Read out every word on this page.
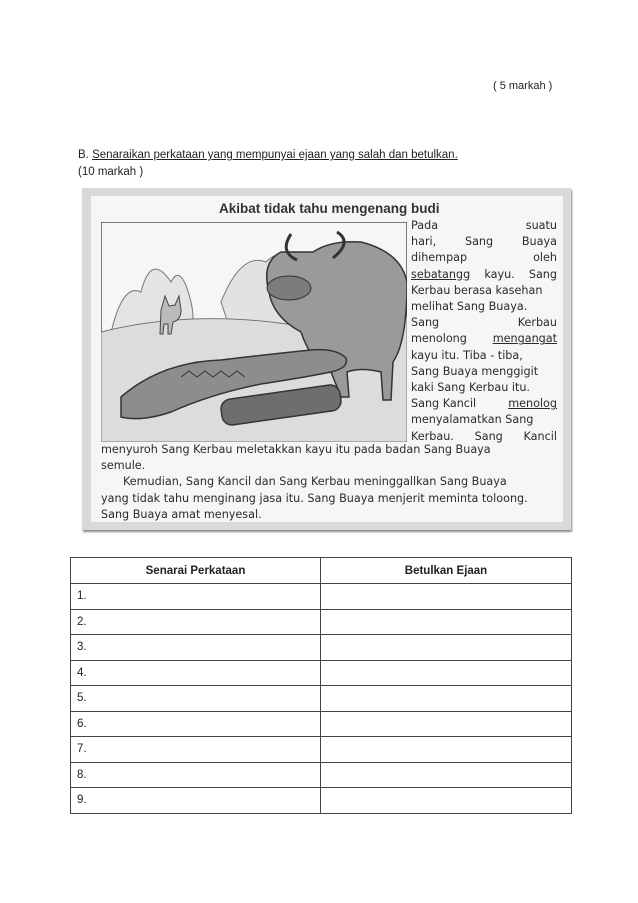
( 5 markah )
B. Senaraikan perkataan yang mempunyai ejaan yang salah dan betulkan.
(10 markah )
Akibat tidak tahu mengenang budi
Pada	suatu
hari,	Sang	Buaya
dihempap	oleh
sebatangg kayu. Sang
Kerbau berasa kasehan
melihat Sang Buaya.
Sang	Kerbau
menolong mengangat
kayu itu. Tiba - tiba,
Sang Buaya menggigit
kaki Sang Kerbau itu.
Sang Kancil	menolog
menyalamatkan Sang
Kerbau. Sang Kancil
menyuroh Sang Kerbau meletakkan kayu itu pada badan Sang Buaya
semule.
Kemudian, Sang Kancil dan Sang Kerbau meninggallkan Sang Buaya
yang tidak tahu menginang jasa itu. Sang Buaya menjerit meminta toloong.
Sang Buaya amat menyesal.
Senarai Perkataan	Betulkan Ejaan
1.	
2.	
3.	
4.	
5.	
6.	
7.	
8.	
9.	
